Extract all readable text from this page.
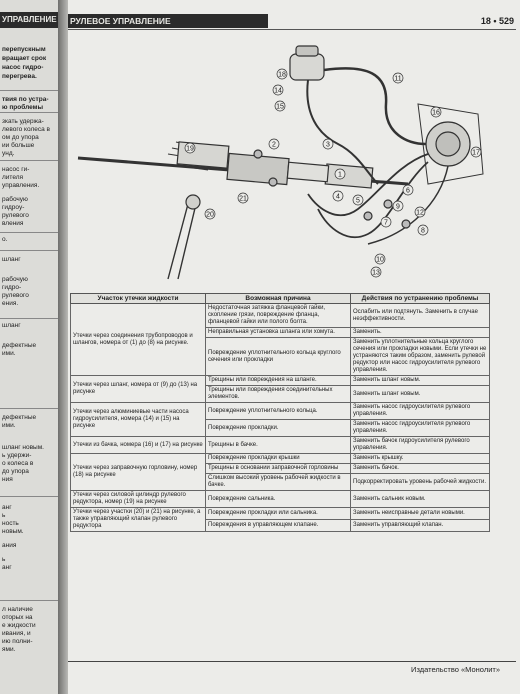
УПРАВЛЕНИЕ
перепускным
вращает срок
насос гидро-
перегрева.
твия по устра-
ю проблемы
зкать удержа-
левого колеса в
ом до упора
ии больше
унд.
насос ги-
лителя
управления.
рабочую
гидроу-
рулевого
вления
о.
шланг
рабочую
гидро-
рулевого
ения.
шланг
дефектные
ими.
дефектные
ими.
шланг новым.
ь удержи-
о колеса в
до упора
ния
анг
ь
ность
новым.
ания
ь
анг
л наличие
оторых на
е жидкости
ивания, и
ию полни-
ями.
РУЛЕВОЕ УПРАВЛЕНИЕ	18 • 529
1
2	3
4
5
6
7
8
9
10
11
12
13
14
15
16
17
18
19
20
21
Участок утечки жидкости	Возможная причина	Действия по устранению проблемы
Утечки через соединения трубопроводов и шлангов, номера от (1) до (8) на рисунке.	Недостаточная затяжка фланцевой гайки, скопление грязи, повреждение фланца, фланцевой гайки или полого болта.	Ослабить или подтянуть. Заменить в случае неэффективности.
	Неправильная установка шланга или хомута.	Заменить.
	Повреждение уплотнительного кольца круглого сечения или прокладки	Заменить уплотнительные кольца круглого сечения или прокладки новыми. Если утечки не устраняются таким образом, заменить рулевой редуктор или насос гидроусилителя рулевого управления.
Утечки через шланг, номера от (9) до (13) на рисунке	Трещины или повреждения на шланге.	Заменить шланг новым.
	Трещины или повреждения соединительных элементов.	Заменить шланг новым.
Утечки через алюминиевые части насоса гидроусилителя, номера (14) и (15) на рисунке	Повреждение уплотнительного кольца.	Заменить насос гидроусилителя рулевого управления.
	Повреждение прокладки.	Заменить насос гидроусилителя рулевого управления.
Утечки из бачка, номера (16) и (17) на рисунке	Трещины в бачке.	Заменить бачок гидроусилителя рулевого управления.
Утечки через заправочную горловину, номер (18) на рисунке	Повреждение прокладки крышки	Заменить крышку.
	Трещины в основании заправочной горловины	Заменить бачок.
	Слишком высокий уровень рабочей жидкости в бачке.	Подкорректировать уровень рабочей жидкости.
Утечки через силовой цилиндр рулевого редуктора, номер (19) на рисунке	Повреждение сальника.	Заменить сальник новым.
Утечки через участки (20) и (21) на рисунке, а также управляющий клапан рулевого редуктора	Повреждение прокладки или сальника.	Заменить неисправные детали новыми.
	Повреждения в управляющем клапане.	Заменить управляющий клапан.
Издательство «Монолит»
